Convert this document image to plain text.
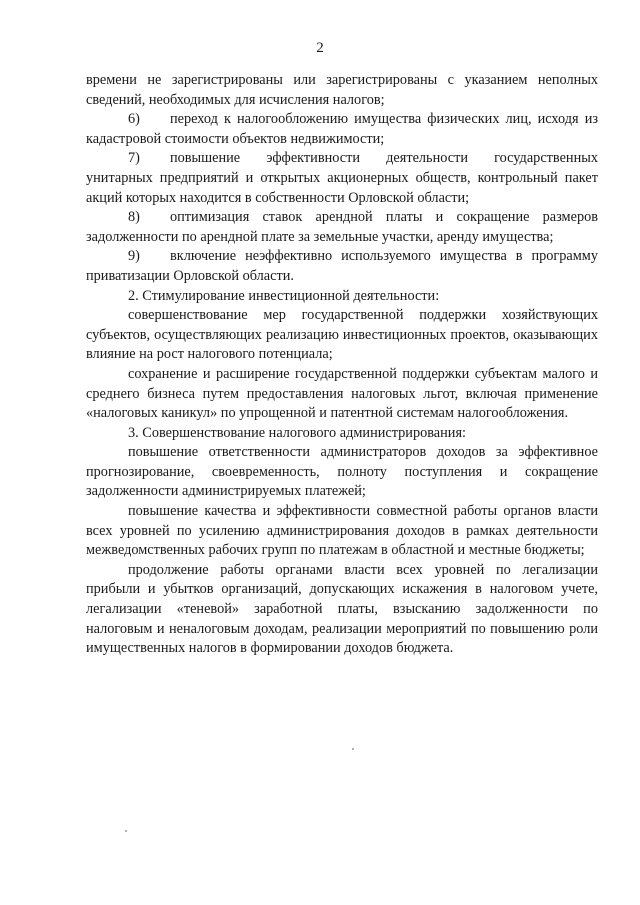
2

времени не зарегистрированы или зарегистрированы с указанием неполных сведений, необходимых для исчисления налогов;

6) переход к налогообложению имущества физических лиц, исходя из кадастровой стоимости объектов недвижимости;

7) повышение эффективности деятельности государственных унитарных предприятий и открытых акционерных обществ, контрольный пакет акций которых находится в собственности Орловской области;

8) оптимизация ставок арендной платы и сокращение размеров задолженности по арендной плате за земельные участки, аренду имущества;

9) включение неэффективно используемого имущества в программу приватизации Орловской области.

2. Стимулирование инвестиционной деятельности:

совершенствование мер государственной поддержки хозяйствующих субъектов, осуществляющих реализацию инвестиционных проектов, оказывающих влияние на рост налогового потенциала;

сохранение и расширение государственной поддержки субъектам малого и среднего бизнеса путем предоставления налоговых льгот, включая применение «налоговых каникул» по упрощенной и патентной системам налогообложения.

3. Совершенствование налогового администрирования:

повышение ответственности администраторов доходов за эффективное прогнозирование, своевременность, полноту поступления и сокращение задолженности администрируемых платежей;

повышение качества и эффективности совместной работы органов власти всех уровней по усилению администрирования доходов в рамках деятельности межведомственных рабочих групп по платежам в областной и местные бюджеты;

продолжение работы органами власти всех уровней по легализации прибыли и убытков организаций, допускающих искажения в налоговом учете, легализации «теневой» заработной платы, взысканию задолженности по налоговым и неналоговым доходам, реализации мероприятий по повышению роли имущественных налогов в формировании доходов бюджета.
